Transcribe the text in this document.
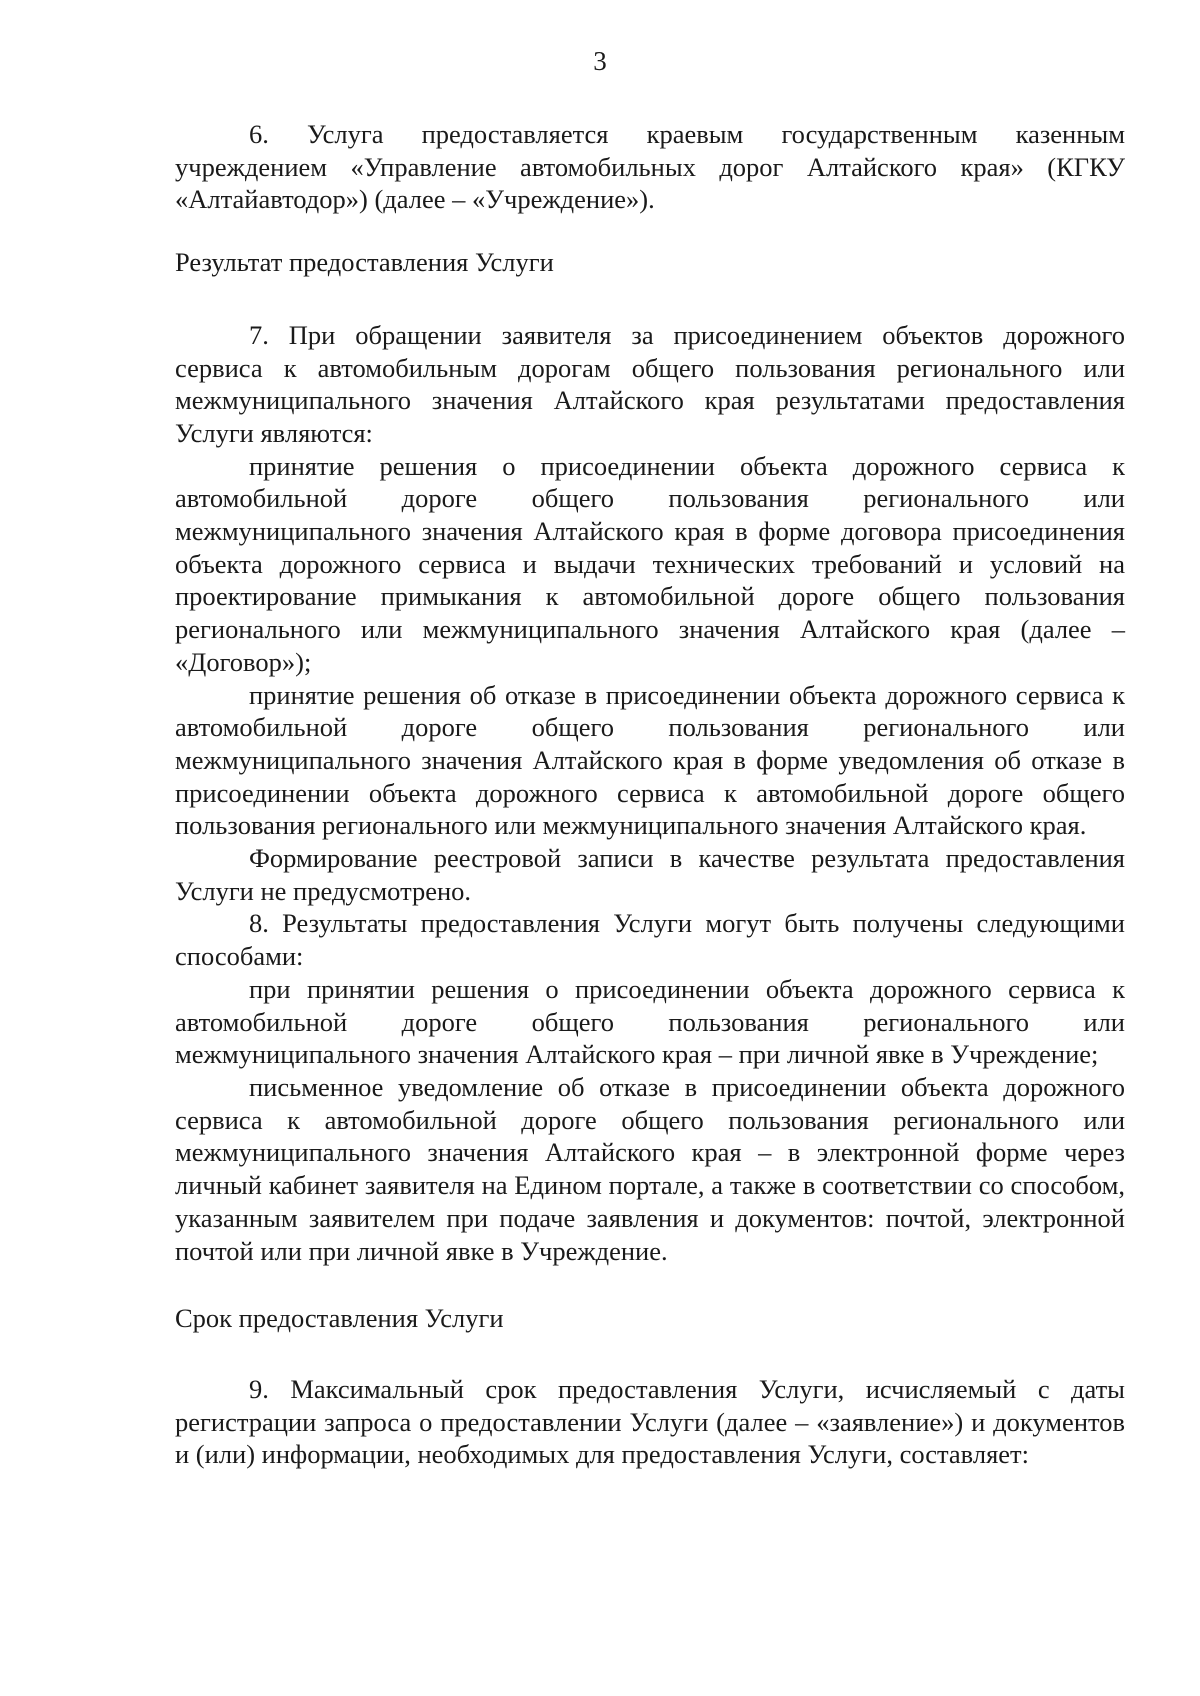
3

6. Услуга предоставляется краевым государственным казенным учреждением «Управление автомобильных дорог Алтайского края» (КГКУ «Алтайавтодор») (далее – «Учреждение»).

Результат предоставления Услуги

7. При обращении заявителя за присоединением объектов дорожного сервиса к автомобильным дорогам общего пользования регионального или межмуниципального значения Алтайского края результатами предоставления Услуги являются:

принятие решения о присоединении объекта дорожного сервиса к автомобильной дороге общего пользования регионального или межмуниципального значения Алтайского края в форме договора присоединения объекта дорожного сервиса и выдачи технических требований и условий на проектирование примыкания к автомобильной дороге общего пользования регионального или межмуниципального значения Алтайского края (далее – «Договор»);

принятие решения об отказе в присоединении объекта дорожного сервиса к автомобильной дороге общего пользования регионального или межмуниципального значения Алтайского края в форме уведомления об отказе в присоединении объекта дорожного сервиса к автомобильной дороге общего пользования регионального или межмуниципального значения Алтайского края.

Формирование реестровой записи в качестве результата предоставления Услуги не предусмотрено.

8. Результаты предоставления Услуги могут быть получены следующими способами:

при принятии решения о присоединении объекта дорожного сервиса к автомобильной дороге общего пользования регионального или межмуниципального значения Алтайского края – при личной явке в Учреждение;

письменное уведомление об отказе в присоединении объекта дорожного сервиса к автомобильной дороге общего пользования регионального или межмуниципального значения Алтайского края – в электронной форме через личный кабинет заявителя на Едином портале, а также в соответствии со способом, указанным заявителем при подаче заявления и документов: почтой, электронной почтой или при личной явке в Учреждение.

Срок предоставления Услуги

9. Максимальный срок предоставления Услуги, исчисляемый с даты регистрации запроса о предоставлении Услуги (далее – «заявление») и документов и (или) информации, необходимых для предоставления Услуги, составляет:
